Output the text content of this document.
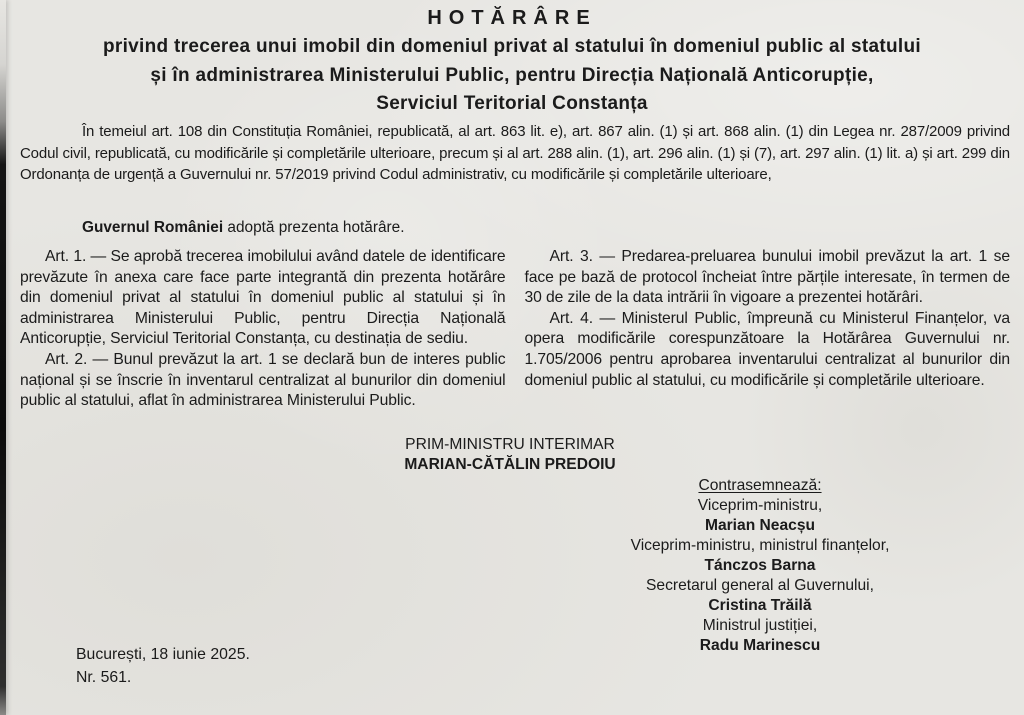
HOTĂRÂRE
privind trecerea unui imobil din domeniul privat al statului în domeniul public al statului
și în administrarea Ministerului Public, pentru Direcția Națională Anticorupție,
Serviciul Teritorial Constanța

În temeiul art. 108 din Constituția României, republicată, al art. 863 lit. e), art. 867 alin. (1) și art. 868 alin. (1) din Legea nr. 287/2009 privind Codul civil, republicată, cu modificările și completările ulterioare, precum și al art. 288 alin. (1), art. 296 alin. (1) și (7), art. 297 alin. (1) lit. a) și art. 299 din Ordonanța de urgență a Guvernului nr. 57/2019 privind Codul administrativ, cu modificările și completările ulterioare,

Guvernul României adoptă prezenta hotărâre.

Art. 1. — Se aprobă trecerea imobilului având datele de identificare prevăzute în anexa care face parte integrantă din prezenta hotărâre din domeniul privat al statului în domeniul public al statului și în administrarea Ministerului Public, pentru Direcția Națională Anticorupție, Serviciul Teritorial Constanța, cu destinația de sediu.

Art. 2. — Bunul prevăzut la art. 1 se declară bun de interes public național și se înscrie în inventarul centralizat al bunurilor din domeniul public al statului, aflat în administrarea Ministerului Public.

Art. 3. — Predarea-preluarea bunului imobil prevăzut la art. 1 se face pe bază de protocol încheiat între părțile interesate, în termen de 30 de zile de la data intrării în vigoare a prezentei hotărâri.

Art. 4. — Ministerul Public, împreună cu Ministerul Finanțelor, va opera modificările corespunzătoare la Hotărârea Guvernului nr. 1.705/2006 pentru aprobarea inventarului centralizat al bunurilor din domeniul public al statului, cu modificările și completările ulterioare.

PRIM-MINISTRU INTERIMAR
MARIAN-CĂTĂLIN PREDOIU
Contrasemnează:
Viceprim-ministru,
Marian Neacșu
Viceprim-ministru, ministrul finanțelor,
Tánczos Barna
Secretarul general al Guvernului,
Cristina Trăilă
Ministrul justiției,
Radu Marinescu
București, 18 iunie 2025.
Nr. 561.
